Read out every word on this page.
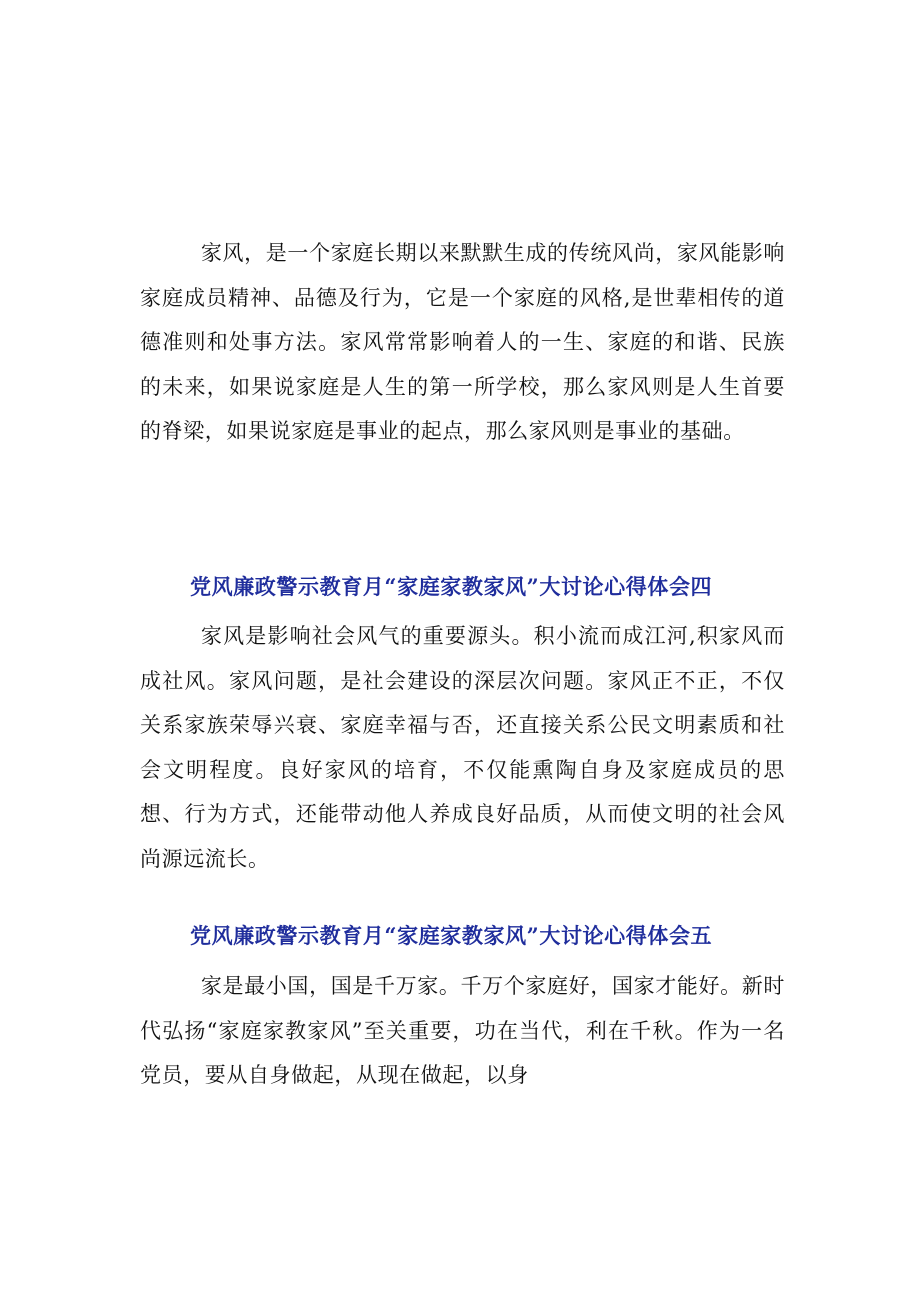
家风，是一个家庭长期以来默默生成的传统风尚，家风能影响家庭成员精神、品德及行为，它是一个家庭的风格,是世辈相传的道德准则和处事方法。家风常常影响着人的一生、家庭的和谐、民族的未来，如果说家庭是人生的第一所学校，那么家风则是人生首要的脊梁，如果说家庭是事业的起点，那么家风则是事业的基础。

党风廉政警示教育月“家庭家教家风”大讨论心得体会四

家风是影响社会风气的重要源头。积小流而成江河,积家风而成社风。家风问题，是社会建设的深层次问题。家风正不正，不仅关系家族荣辱兴衰、家庭幸福与否，还直接关系公民文明素质和社会文明程度。良好家风的培育，不仅能熏陶自身及家庭成员的思想、行为方式，还能带动他人养成良好品质，从而使文明的社会风尚源远流长。

党风廉政警示教育月“家庭家教家风”大讨论心得体会五

家是最小国，国是千万家。千万个家庭好，国家才能好。新时代弘扬“家庭家教家风”至关重要，功在当代，利在千秋。作为一名党员，要从自身做起，从现在做起，以身
